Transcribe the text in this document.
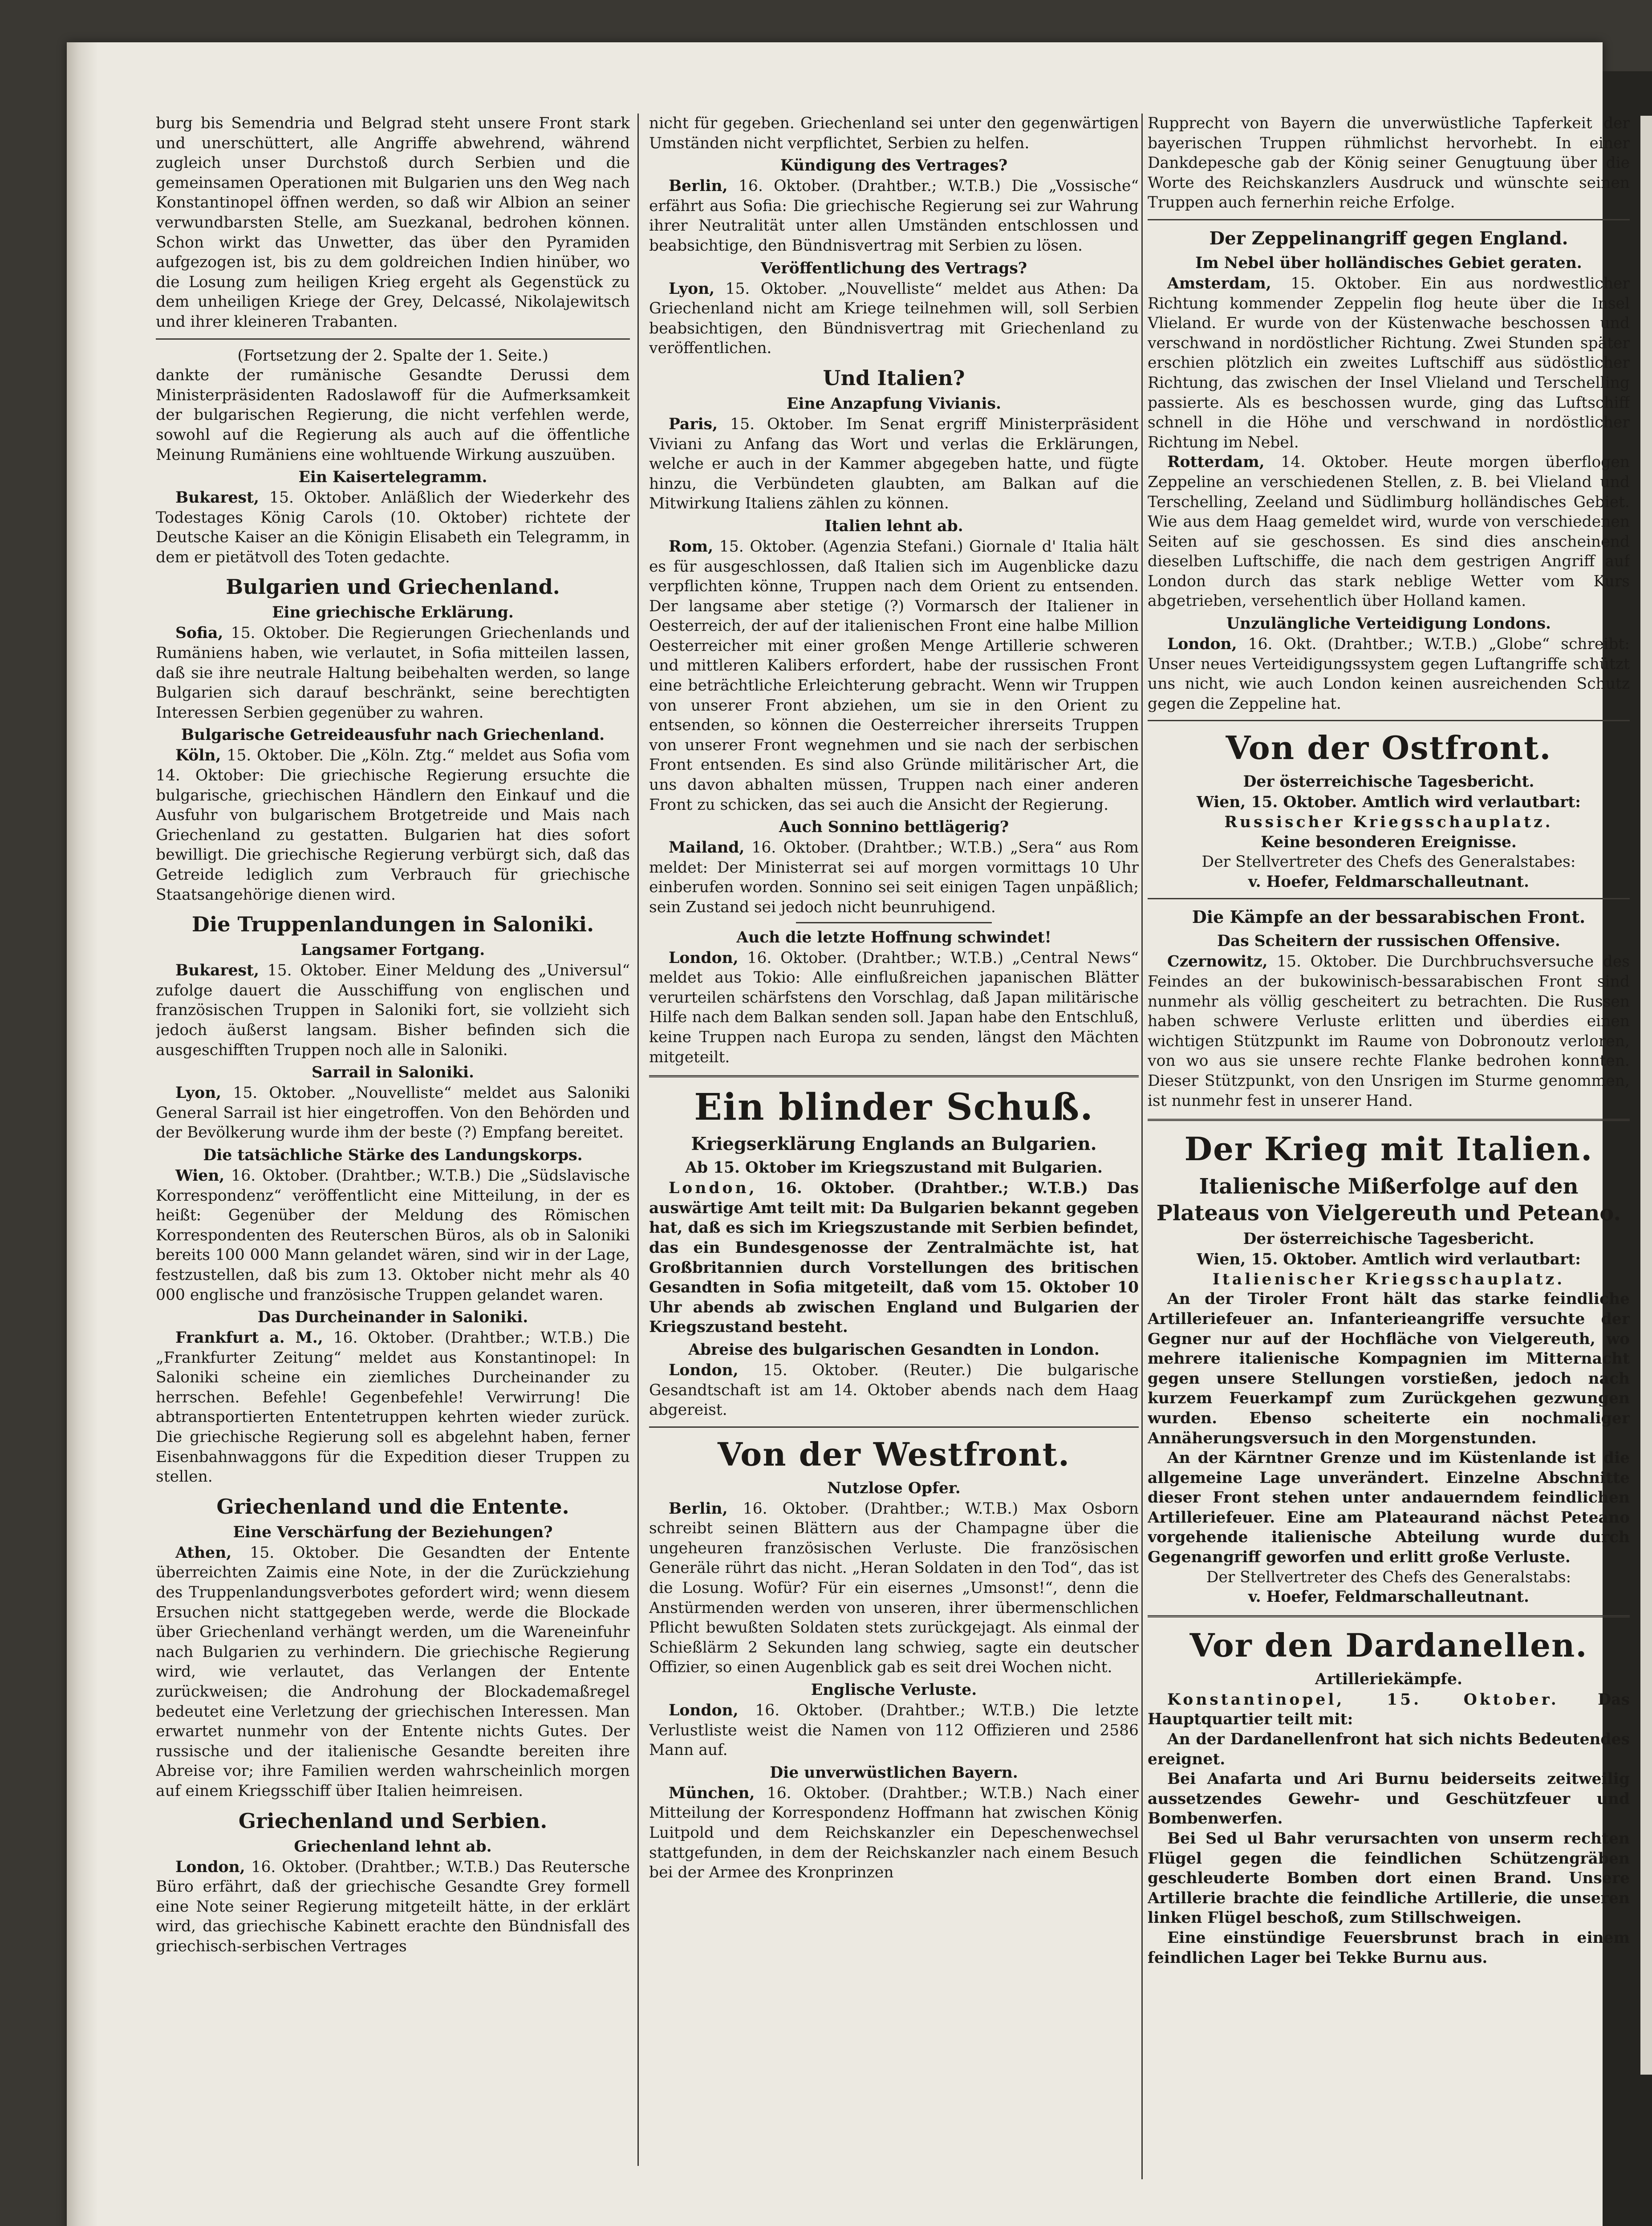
burg bis Semendria und Belgrad steht unsere Front stark und unerschüttert, alle Angriffe abwehrend, während zugleich unser Durchstoß durch Serbien und die gemeinsamen Operationen mit Bulgarien uns den Weg nach Konstantinopel öffnen werden, so daß wir Albion an seiner verwundbarsten Stelle, am Suezkanal, bedrohen können. Schon wirkt das Unwetter, das über den Pyramiden aufgezogen ist, bis zu dem goldreichen Indien hinüber, wo die Losung zum heiligen Krieg ergeht als Gegenstück zu dem unheiligen Kriege der Grey, Delcassé, Nikolajewitsch und ihrer kleineren Trabanten.

(Fortsetzung der 2. Spalte der 1. Seite.)

dankte der rumänische Gesandte Derussi dem Ministerpräsidenten Radoslawoff für die Aufmerksamkeit der bulgarischen Regierung, die nicht verfehlen werde, sowohl auf die Regierung als auch auf die öffentliche Meinung Rumäniens eine wohltuende Wirkung auszuüben.

Ein Kaisertelegramm.

Bukarest, 15. Oktober. Anläßlich der Wiederkehr des Todestages König Carols (10. Oktober) richtete der Deutsche Kaiser an die Königin Elisabeth ein Telegramm, in dem er pietätvoll des Toten gedachte.

Bulgarien und Griechenland.
Eine griechische Erklärung.

Sofia, 15. Oktober. Die Regierungen Griechenlands und Rumäniens haben, wie verlautet, in Sofia mitteilen lassen, daß sie ihre neutrale Haltung beibehalten werden, so lange Bulgarien sich darauf beschränkt, seine berechtigten Interessen Serbien gegenüber zu wahren.

Bulgarische Getreideausfuhr nach Griechenland.

Köln, 15. Oktober. Die „Köln. Ztg.“ meldet aus Sofia vom 14. Oktober: Die griechische Regierung ersuchte die bulgarische, griechischen Händlern den Einkauf und die Ausfuhr von bulgarischem Brotgetreide und Mais nach Griechenland zu gestatten. Bulgarien hat dies sofort bewilligt. Die griechische Regierung verbürgt sich, daß das Getreide lediglich zum Verbrauch für griechische Staatsangehörige dienen wird.

Die Truppenlandungen in Saloniki.
Langsamer Fortgang.

Bukarest, 15. Oktober. Einer Meldung des „Universul“ zufolge dauert die Ausschiffung von englischen und französischen Truppen in Saloniki fort, sie vollzieht sich jedoch äußerst langsam. Bisher befinden sich die ausgeschifften Truppen noch alle in Saloniki.

Sarrail in Saloniki.

Lyon, 15. Oktober. „Nouvelliste“ meldet aus Saloniki General Sarrail ist hier eingetroffen. Von den Behörden und der Bevölkerung wurde ihm der beste (?) Empfang bereitet.

Die tatsächliche Stärke des Landungskorps.

Wien, 16. Oktober. (Drahtber.; W.T.B.) Die „Südslavische Korrespondenz“ veröffentlicht eine Mitteilung, in der es heißt: Gegenüber der Meldung des Römischen Korrespondenten des Reuterschen Büros, als ob in Saloniki bereits 100 000 Mann gelandet wären, sind wir in der Lage, festzustellen, daß bis zum 13. Oktober nicht mehr als 40 000 englische und französische Truppen gelandet waren.

Das Durcheinander in Saloniki.

Frankfurt a. M., 16. Oktober. (Drahtber.; W.T.B.) Die „Frankfurter Zeitung“ meldet aus Konstantinopel: In Saloniki scheine ein ziemliches Durcheinander zu herrschen. Befehle! Gegenbefehle! Verwirrung! Die abtransportierten Ententetruppen kehrten wieder zurück. Die griechische Regierung soll es abgelehnt haben, ferner Eisenbahnwaggons für die Expedition dieser Truppen zu stellen.

Griechenland und die Entente.
Eine Verschärfung der Beziehungen?

Athen, 15. Oktober. Die Gesandten der Entente überreichten Zaimis eine Note, in der die Zurückziehung des Truppenlandungsverbotes gefordert wird; wenn diesem Ersuchen nicht stattgegeben werde, werde die Blockade über Griechenland verhängt werden, um die Wareneinfuhr nach Bulgarien zu verhindern. Die griechische Regierung wird, wie verlautet, das Verlangen der Entente zurückweisen; die Androhung der Blockademaßregel bedeutet eine Verletzung der griechischen Interessen. Man erwartet nunmehr von der Entente nichts Gutes. Der russische und der italienische Gesandte bereiten ihre Abreise vor; ihre Familien werden wahrscheinlich morgen auf einem Kriegsschiff über Italien heimreisen.

Griechenland und Serbien.
Griechenland lehnt ab.

London, 16. Oktober. (Drahtber.; W.T.B.) Das Reutersche Büro erfährt, daß der griechische Gesandte Grey formell eine Note seiner Regierung mitgeteilt hätte, in der erklärt wird, das griechische Kabinett erachte den Bündnisfall des griechisch-serbischen Vertrages

nicht für gegeben. Griechenland sei unter den gegenwärtigen Umständen nicht verpflichtet, Serbien zu helfen.

Kündigung des Vertrages?

Berlin, 16. Oktober. (Drahtber.; W.T.B.) Die „Vossische“ erfährt aus Sofia: Die griechische Regierung sei zur Wahrung ihrer Neutralität unter allen Umständen entschlossen und beabsichtige, den Bündnisvertrag mit Serbien zu lösen.

Veröffentlichung des Vertrags?

Lyon, 15. Oktober. „Nouvelliste“ meldet aus Athen: Da Griechenland nicht am Kriege teilnehmen will, soll Serbien beabsichtigen, den Bündnisvertrag mit Griechenland zu veröffentlichen.

Und Italien?
Eine Anzapfung Vivianis.

Paris, 15. Oktober. Im Senat ergriff Ministerpräsident Viviani zu Anfang das Wort und verlas die Erklärungen, welche er auch in der Kammer abgegeben hatte, und fügte hinzu, die Verbündeten glaubten, am Balkan auf die Mitwirkung Italiens zählen zu können.

Italien lehnt ab.

Rom, 15. Oktober. (Agenzia Stefani.) Giornale d' Italia hält es für ausgeschlossen, daß Italien sich im Augenblicke dazu verpflichten könne, Truppen nach dem Orient zu entsenden. Der langsame aber stetige (?) Vormarsch der Italiener in Oesterreich, der auf der italienischen Front eine halbe Million Oesterreicher mit einer großen Menge Artillerie schweren und mittleren Kalibers erfordert, habe der russischen Front eine beträchtliche Erleichterung gebracht. Wenn wir Truppen von unserer Front abziehen, um sie in den Orient zu entsenden, so können die Oesterreicher ihrerseits Truppen von unserer Front wegnehmen und sie nach der serbischen Front entsenden. Es sind also Gründe militärischer Art, die uns davon abhalten müssen, Truppen nach einer anderen Front zu schicken, das sei auch die Ansicht der Regierung.

Auch Sonnino bettlägerig?

Mailand, 16. Oktober. (Drahtber.; W.T.B.) „Sera“ aus Rom meldet: Der Ministerrat sei auf morgen vormittags 10 Uhr einberufen worden. Sonnino sei seit einigen Tagen unpäßlich; sein Zustand sei jedoch nicht beunruhigend.

Auch die letzte Hoffnung schwindet!

London, 16. Oktober. (Drahtber.; W.T.B.) „Central News“ meldet aus Tokio: Alle einflußreichen japanischen Blätter verurteilen schärfstens den Vorschlag, daß Japan militärische Hilfe nach dem Balkan senden soll. Japan habe den Entschluß, keine Truppen nach Europa zu senden, längst den Mächten mitgeteilt.

Ein blinder Schuß.
Kriegserklärung Englands an Bulgarien.
Ab 15. Oktober im Kriegszustand mit Bulgarien.

London, 16. Oktober. (Drahtber.; W.T.B.) Das auswärtige Amt teilt mit: Da Bulgarien bekannt gegeben hat, daß es sich im Kriegszustande mit Serbien befindet, das ein Bundesgenosse der Zentralmächte ist, hat Großbritannien durch Vorstellungen des britischen Gesandten in Sofia mitgeteilt, daß vom 15. Oktober 10 Uhr abends ab zwischen England und Bulgarien der Kriegszustand besteht.

Abreise des bulgarischen Gesandten in London.

London, 15. Oktober. (Reuter.) Die bulgarische Gesandtschaft ist am 14. Oktober abends nach dem Haag abgereist.

Von der Westfront.
Nutzlose Opfer.

Berlin, 16. Oktober. (Drahtber.; W.T.B.) Max Osborn schreibt seinen Blättern aus der Champagne über die ungeheuren französischen Verluste. Die französischen Generäle rührt das nicht. „Heran Soldaten in den Tod“, das ist die Losung. Wofür? Für ein eisernes „Umsonst!“, denn die Anstürmenden werden von unseren, ihrer übermenschlichen Pflicht bewußten Soldaten stets zurückgejagt. Als einmal der Schießlärm 2 Sekunden lang schwieg, sagte ein deutscher Offizier, so einen Augenblick gab es seit drei Wochen nicht.

Englische Verluste.

London, 16. Oktober. (Drahtber.; W.T.B.) Die letzte Verlustliste weist die Namen von 112 Offizieren und 2586 Mann auf.

Die unverwüstlichen Bayern.

München, 16. Oktober. (Drahtber.; W.T.B.) Nach einer Mitteilung der Korrespondenz Hoffmann hat zwischen König Luitpold und dem Reichskanzler ein Depeschenwechsel stattgefunden, in dem der Reichskanzler nach einem Besuch bei der Armee des Kronprinzen

Rupprecht von Bayern die unverwüstliche Tapferkeit der bayerischen Truppen rühmlichst hervorhebt. In einer Dankdepesche gab der König seiner Genugtuung über die Worte des Reichskanzlers Ausdruck und wünschte seinen Truppen auch fernerhin reiche Erfolge.

Der Zeppelinangriff gegen England.
Im Nebel über holländisches Gebiet geraten.

Amsterdam, 15. Oktober. Ein aus nordwestlicher Richtung kommender Zeppelin flog heute über die Insel Vlieland. Er wurde von der Küstenwache beschossen und verschwand in nordöstlicher Richtung. Zwei Stunden später erschien plötzlich ein zweites Luftschiff aus südöstlicher Richtung, das zwischen der Insel Vlieland und Terschelling passierte. Als es beschossen wurde, ging das Luftschiff schnell in die Höhe und verschwand in nordöstlicher Richtung im Nebel.

Rotterdam, 14. Oktober. Heute morgen überflogen Zeppeline an verschiedenen Stellen, z. B. bei Vlieland und Terschelling, Zeeland und Südlimburg holländisches Gebiet. Wie aus dem Haag gemeldet wird, wurde von verschiedenen Seiten auf sie geschossen. Es sind dies anscheinend dieselben Luftschiffe, die nach dem gestrigen Angriff auf London durch das stark neblige Wetter vom Kurs abgetrieben, versehentlich über Holland kamen.

Unzulängliche Verteidigung Londons.

London, 16. Okt. (Drahtber.; W.T.B.) „Globe“ schreibt: Unser neues Verteidigungssystem gegen Luftangriffe schützt uns nicht, wie auch London keinen ausreichenden Schutz gegen die Zeppeline hat.

Von der Ostfront.
Der österreichische Tagesbericht.

Wien, 15. Oktober. Amtlich wird verlautbart:

Russischer Kriegsschauplatz.

Keine besonderen Ereignisse.

Der Stellvertreter des Chefs des Generalstabes:

v. Hoefer, Feldmarschalleutnant.

Die Kämpfe an der bessarabischen Front.
Das Scheitern der russischen Offensive.

Czernowitz, 15. Oktober. Die Durchbruchsversuche des Feindes an der bukowinisch-bessarabischen Front sind nunmehr als völlig gescheitert zu betrachten. Die Russen haben schwere Verluste erlitten und überdies einen wichtigen Stützpunkt im Raume von Dobronoutz verloren, von wo aus sie unsere rechte Flanke bedrohen konnten. Dieser Stützpunkt, von den Unsrigen im Sturme genommen, ist nunmehr fest in unserer Hand.

Der Krieg mit Italien.
Italienische Mißerfolge auf den Plateaus von Vielgereuth und Peteano.
Der österreichische Tagesbericht.

Wien, 15. Oktober. Amtlich wird verlautbart:

Italienischer Kriegsschauplatz.

An der Tiroler Front hält das starke feindliche Artilleriefeuer an. Infanterieangriffe versuchte der Gegner nur auf der Hochfläche von Vielgereuth, wo mehrere italienische Kompagnien im Mitternacht gegen unsere Stellungen vorstießen, jedoch nach kurzem Feuerkampf zum Zurückgehen gezwungen wurden. Ebenso scheiterte ein nochmaliger Annäherungsversuch in den Morgenstunden.

An der Kärntner Grenze und im Küstenlande ist die allgemeine Lage unverändert. Einzelne Abschnitte dieser Front stehen unter andauerndem feindlichen Artilleriefeuer. Eine am Plateaurand nächst Peteano vorgehende italienische Abteilung wurde durch Gegenangriff geworfen und erlitt große Verluste.

Der Stellvertreter des Chefs des Generalstabs:

v. Hoefer, Feldmarschalleutnant.

Vor den Dardanellen.
Artilleriekämpfe.

Konstantinopel, 15. Oktober.	Das Hauptquartier teilt mit:

An der Dardanellenfront hat sich nichts Bedeutendes ereignet.

Bei Anafarta und Ari Burnu beiderseits zeitweilig aussetzendes Gewehr- und Geschützfeuer und Bombenwerfen.

Bei Sed ul Bahr verursachten von unserm rechten Flügel gegen die feindlichen Schützengräben geschleuderte Bomben dort einen Brand. Unsere Artillerie brachte die feindliche Artillerie, die unseren linken Flügel beschoß, zum Stillschweigen.

Eine einstündige Feuersbrunst brach in einem feindlichen Lager bei Tekke Burnu aus.
